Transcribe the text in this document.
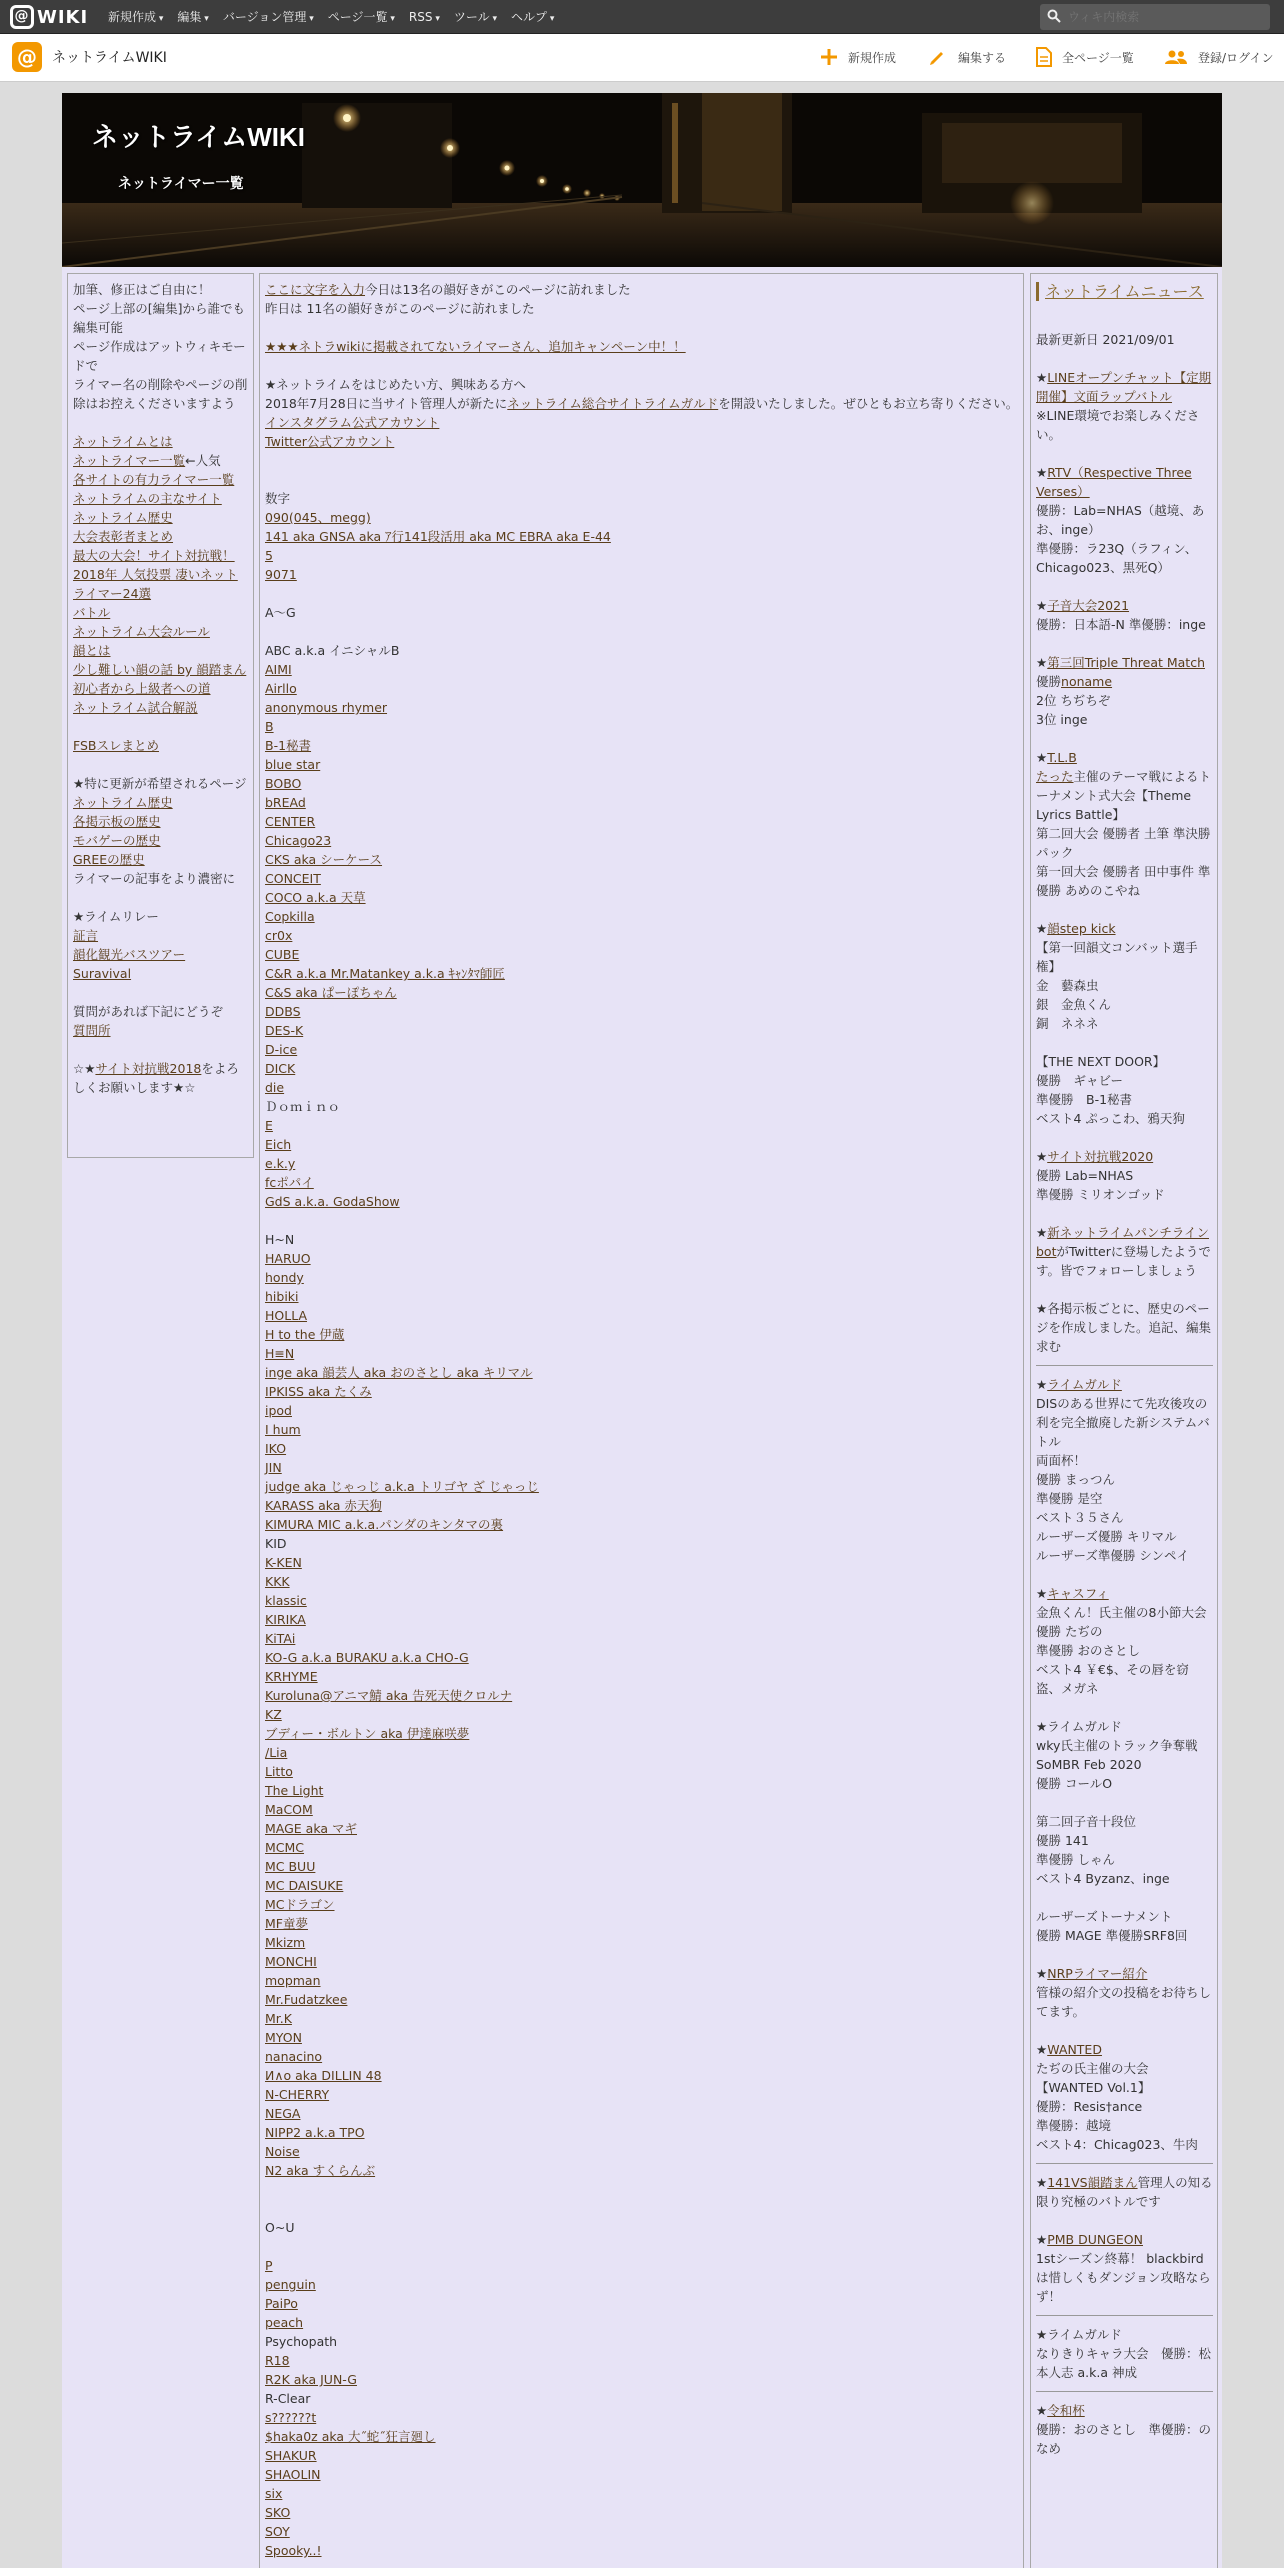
@ WIKI 新規作成 ▾	編集 ▾	バージョン管理 ▾	ページ一覧 ▾	RSS ▾	ツール ▾	ヘルプ ▾
ウィキ内検索
@	ネットライムWIKI	新規作成	編集する	全ページ一覧	登録/ログイン
ネットライムWIKI
ネットライマー一覧
加筆、修正はご自由に！
ページ上部の[編集]から誰でも編集可能
ページ作成はアットウィキモードで
ライマー名の削除やページの削除はお控えくださいますよう
ネットライムとは
ネットライマー一覧←人気
各サイトの有力ライマー一覧
ネットライムの主なサイト
ネットライム歴史
大会表彰者まとめ
最大の大会！サイト対抗戦！
2018年 人気投票 凄いネットライマー24選
バトル
ネットライム大会ルール
韻とは
少し難しい韻の話 by 韻踏まん
初心者から上級者への道
ネットライム試合解説
FSBスレまとめ
★特に更新が希望されるページ
ネットライム歴史
各掲示板の歴史
モバゲーの歴史
GREEの歴史
ライマーの記事をより濃密に
★ライムリレー
証言
韻化観光バスツアー
Suravival
質問があれば下記にどうぞ
質問所
☆★サイト対抗戦2018をよろしくお願いします★☆
ここに文字を入力今日は13名の韻好きがこのページに訪れました
昨日は 11名の韻好きがこのページに訪れました
★★★ネトラwikiに掲載されてないライマーさん、追加キャンペーン中！！
★ネットライムをはじめたい方、興味ある方へ
2018年7月28日に当サイト管理人が新たにネットライム総合サイトライムガルドを開設いたしました。ぜひともお立ち寄りください。
インスタグラム公式アカウント
Twitter公式アカウント
数字
090(045、megg)
141 aka GNSA aka ｱ行141段活用 aka MC EBRA aka E-44
5
9071
A～G
ABC a.k.a イニシャルB
AIMI
Airllo
anonymous rhymer
B
B-1秘書
blue star
BOBO
bREAd
CENTER
Chicago23
CKS aka シーケース
CONCEIT
COCO a.k.a 天草
Copkilla
cr0x
CUBE
C&R a.k.a Mr.Matankey a.k.a ｷｬﾝﾀﾏ師匠
C&S aka ぱーぽちゃん
DDBS
DES-K
D-ice
DICK
die
Ｄｏｍｉｎｏ
E
Eich
e.k.y
fcポパイ
GdS a.k.a. GodaShow
H~N
HARUO
hondy
hibiki
HOLLA
H to the 伊蔵
H≡N
inge aka 韻芸人 aka おのさとし aka キリマル
IPKISS aka たくみ
ipod
I hum
IKO
JIN
judge aka じゃっじ a.k.a トリゴヤ ざ じゃっじ
KARASS aka 赤天狗
KIMURA MIC a.k.a.パンダのキンタマの裏
KID
K-KEN
KKK
klassic
KIRIKA
KiTAi
KO-G a.k.a BURAKU a.k.a CHO-G
KRHYME
Kuroluna@アニマ鯖 aka 告死天使クロルナ
KZ
ブディー・ボルトン aka 伊達麻咲夢
/Lia
Litto
The Light
MaCOM
MAGE aka マギ
MCMC
MC BUU
MC DAISUKE
MCドラゴン
MF童夢
Mkizm
MONCHI
mopman
Mr.Fudatzkee
Mr.K
MYON
nanacino
И∧o aka DILLIN 48
N-CHERRY
NEGA
NIPP2 a.k.a TPO
Noise
N2 aka すくらんぶ
O~U
P
penguin
PaiPo
peach
Psychopath
R18
R2K aka JUN-G
R-Clear
s??????t
$haka0z aka 大˝蛇˝狂言廻し
SHAKUR
SHAOLIN
six
SKO
SOY
Spooky..!
ネットライムニュース
最新更新日 2021/09/01
★LINEオープンチャット【定期開催】文面ラップバトル
※LINE環境でお楽しみください。
★RTV（Respective Three Verses）
優勝：Lab=NHAS（越境、あお、inge）
準優勝：ラ23Q（ラフィン、Chicago023、黒死Q）
★子音大会2021
優勝：日本語-N 準優勝：inge
★第三回Triple Threat Match
優勝noname
2位 ちぢちぞ
3位 inge
★T.L.B
たった主催のテーマ戦によるトーナメント式大会【Theme Lyrics Battle】
第二回大会 優勝者 土筆 準決勝 パック
第一回大会 優勝者 田中事件 準優勝 あめのこやね
★韻step kick
【第一回韻文コンバット選手権】
金　藝森虫
銀　金魚くん
銅　ネネネ
【THE NEXT DOOR】
優勝　ギャビー
準優勝　B-1秘書
ベスト4 ぷっこわ、鴉天狗
★サイト対抗戦2020
優勝 Lab=NHAS
準優勝 ミリオンゴッド
★新ネットライムパンチラインbotがTwitterに登場したようです。皆でフォローしましょう
★各掲示板ごとに、歴史のページを作成しました。追記、編集求む
★ライムガルド
DISのある世界にて先攻後攻の利を完全撤廃した新システムバトル
両面杯！
優勝 まっつん
準優勝 是空
ベスト３５さん
ルーザーズ優勝 キリマル
ルーザーズ準優勝 シンペイ
★キャスフィ
金魚くん！氏主催の8小節大会
優勝 たぢの
準優勝 おのさとし
ベスト4 ￥€$、その唇を窃盗、メガネ
★ライムガルド
wky氏主催のトラック争奪戦 SoMBR Feb 2020
優勝 コールO
第二回子音十段位
優勝 141
準優勝 しゃん
ベスト4 Byzanz、inge
ルーザーズトーナメント
優勝 MAGE 準優勝SRF8回
★NRPライマー紹介
管様の紹介文の投稿をお待ちしてます。
★WANTED
たぢの氏主催の大会
【WANTED Vol.1】
優勝：Resis†ance
準優勝：越境
ベスト4：Chicag023、牛肉
★141VS韻踏まん管理人の知る限り究極のバトルです
★PMB DUNGEON
1stシーズン終幕！ blackbirdは惜しくもダンジョン攻略ならず！
★ライムガルド
なりきりキャラ大会　優勝：松本人志 a.k.a 神成
★令和杯
優勝：おのさとし　準優勝：のなめ
